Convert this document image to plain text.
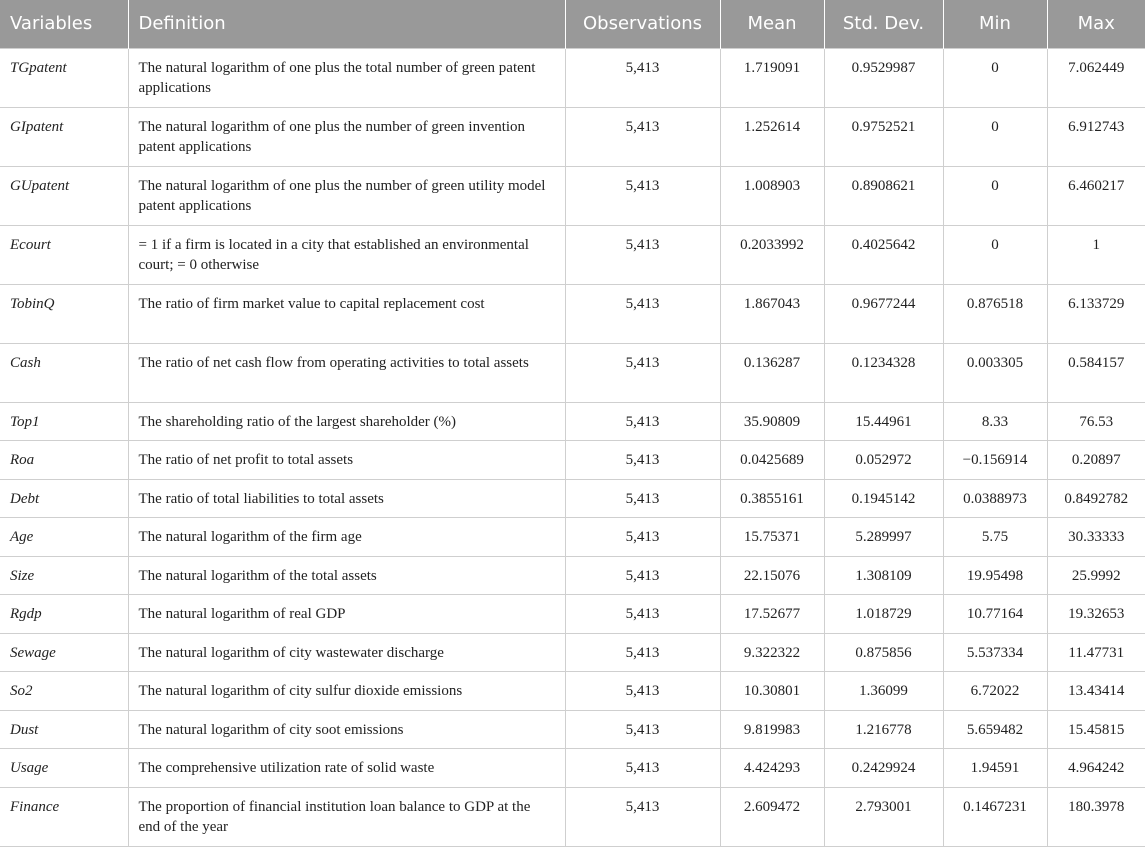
Variables	Definition	Observations	Mean	Std. Dev.	Min	Max
TGpatent	The natural logarithm of one plus the total number of green patent applications	5,413	1.719091	0.9529987	0	7.062449
GIpatent	The natural logarithm of one plus the number of green invention patent applications	5,413	1.252614	0.9752521	0	6.912743
GUpatent	The natural logarithm of one plus the number of green utility model patent applications	5,413	1.008903	0.8908621	0	6.460217
Ecourt	= 1 if a firm is located in a city that established an environmental court; = 0 otherwise	5,413	0.2033992	0.4025642	0	1
TobinQ	The ratio of firm market value to capital replacement cost	5,413	1.867043	0.9677244	0.876518	6.133729
Cash	The ratio of net cash flow from operating activities to total assets	5,413	0.136287	0.1234328	0.003305	0.584157
Top1	The shareholding ratio of the largest shareholder (%)	5,413	35.90809	15.44961	8.33	76.53
Roa	The ratio of net profit to total assets	5,413	0.0425689	0.052972	−0.156914	0.20897
Debt	The ratio of total liabilities to total assets	5,413	0.3855161	0.1945142	0.0388973	0.8492782
Age	The natural logarithm of the firm age	5,413	15.75371	5.289997	5.75	30.33333
Size	The natural logarithm of the total assets	5,413	22.15076	1.308109	19.95498	25.9992
Rgdp	The natural logarithm of real GDP	5,413	17.52677	1.018729	10.77164	19.32653
Sewage	The natural logarithm of city wastewater discharge	5,413	9.322322	0.875856	5.537334	11.47731
So2	The natural logarithm of city sulfur dioxide emissions	5,413	10.30801	1.36099	6.72022	13.43414
Dust	The natural logarithm of city soot emissions	5,413	9.819983	1.216778	5.659482	15.45815
Usage	The comprehensive utilization rate of solid waste	5,413	4.424293	0.2429924	1.94591	4.964242
Finance	The proportion of financial institution loan balance to GDP at the end of the year	5,413	2.609472	2.793001	0.1467231	180.3978
